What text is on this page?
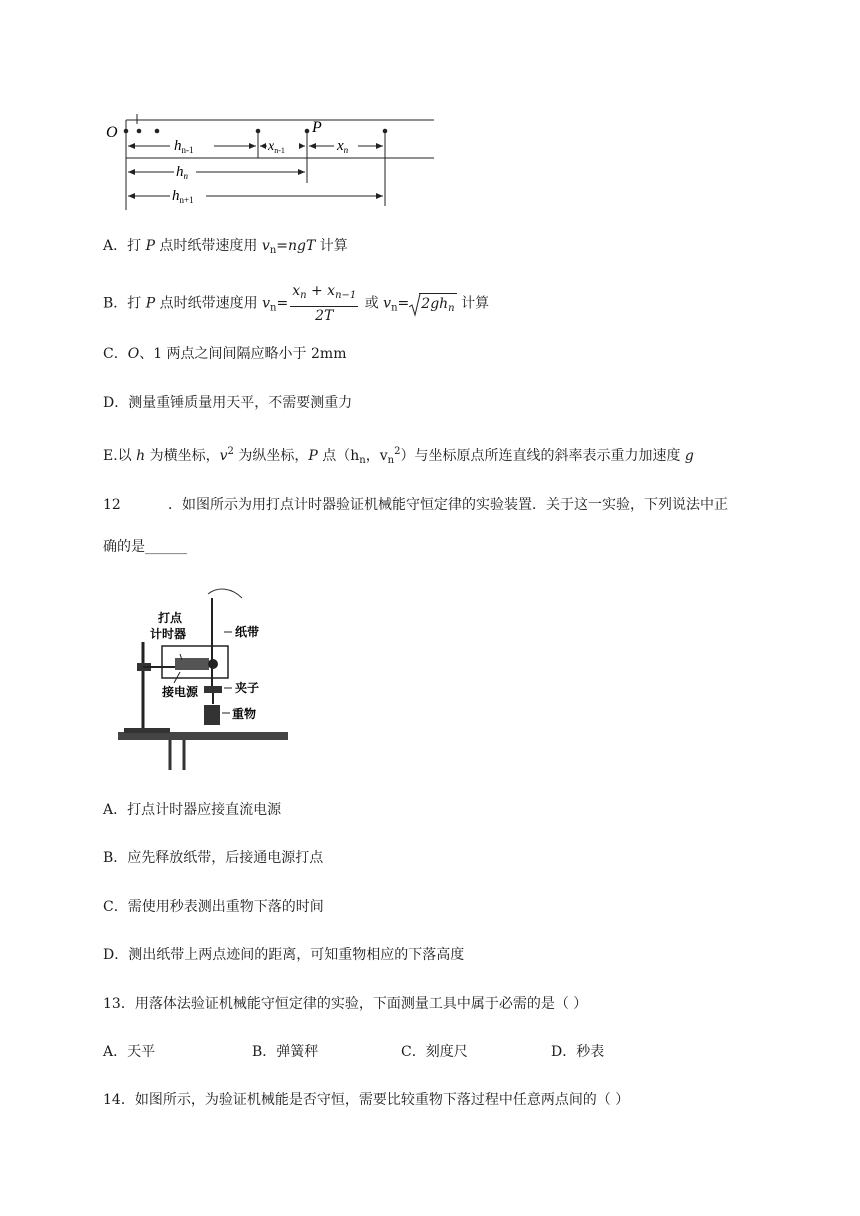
O	P
$h_{n-1}$	$x_{n-1}$	$x_n$
$h_n$
$h_{n+1}$
A．打 P 点时纸带速度用 $v_n=ngT$ 计算
B．打 P 点时纸带速度用 $v_n= \frac{x_n + x_{n-1}}{2T}$ 或 $v_n= 2gh_n$ 计算
C．O、1 两点之间间隔应略小于 2mm
D．测量重锤质量用天平，不需要测重力
E.以 h 为横坐标，$v^2$ 为纵坐标，P 点（$h_n$，$v_n^2$）与坐标原点所连直线的斜率表示重力加速度 g
12	．如图所示为用打点计时器验证机械能守恒定律的实验装置．关于这一实验，下列说法中正
确的是______
打点
计时器	纸带
接电源	夹子
重物
A．打点计时器应接直流电源
B．应先释放纸带，后接通电源打点
C．需使用秒表测出重物下落的时间
D．测出纸带上两点迹间的距离，可知重物相应的下落高度
13．用落体法验证机械能守恒定律的实验，下面测量工具中属于必需的是（ ）
A．天平	B．弹簧秤	C．刻度尺	D．秒表
14．如图所示，为验证机械能是否守恒，需要比较重物下落过程中任意两点间的（ ）
